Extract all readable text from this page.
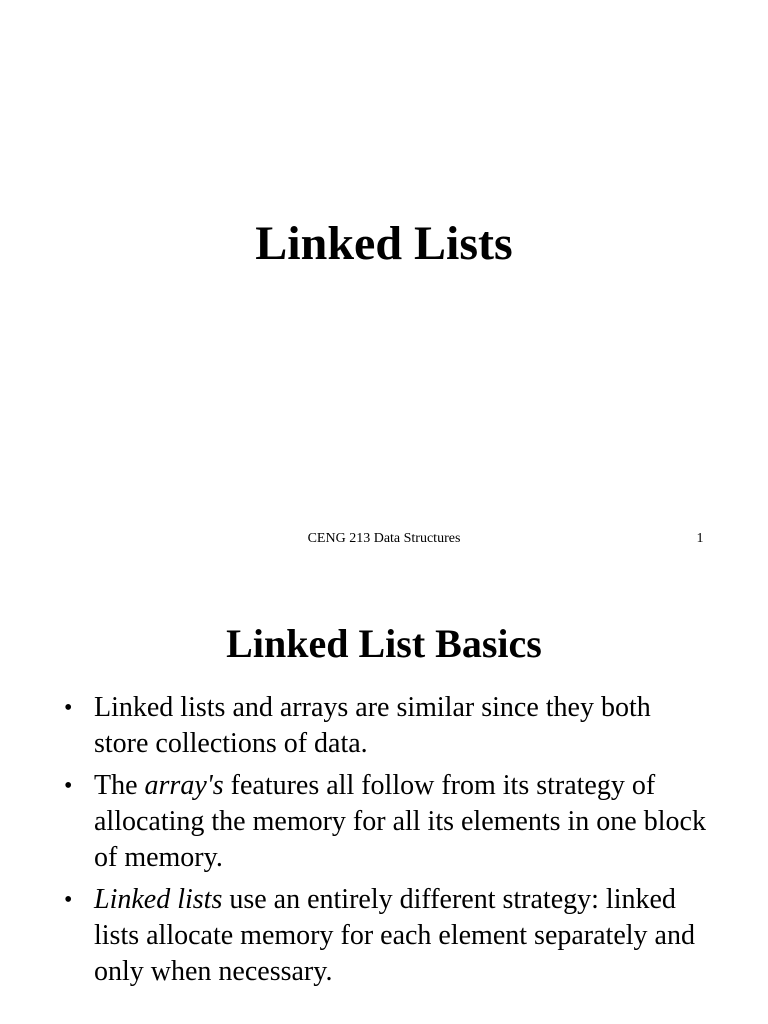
Linked Lists
CENG 213 Data Structures	1
Linked List Basics
• Linked lists and arrays are similar since they both store collections of data.
• The array's features all follow from its strategy of allocating the memory for all its elements in one block of memory.
• Linked lists use an entirely different strategy: linked lists allocate memory for each element separately and only when necessary.
